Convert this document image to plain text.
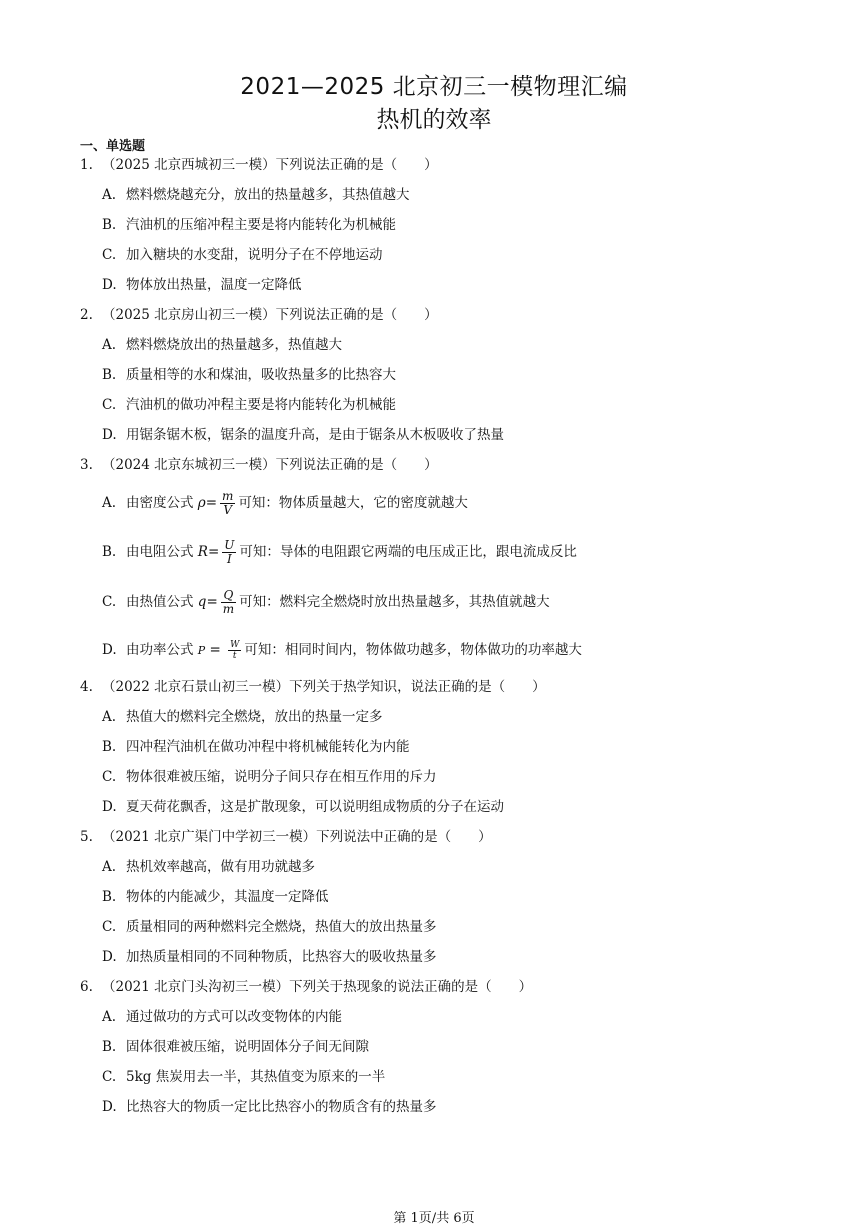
2021—2025 北京初三一模物理汇编
热机的效率
一、单选题
1. （2025 北京西城初三一模）下列说法正确的是（　　）
A. 燃料燃烧越充分，放出的热量越多，其热值越大
B. 汽油机的压缩冲程主要是将内能转化为机械能
C. 加入糖块的水变甜，说明分子在不停地运动
D. 物体放出热量，温度一定降低
2. （2025 北京房山初三一模）下列说法正确的是（　　）
A. 燃料燃烧放出的热量越多，热值越大
B. 质量相等的水和煤油，吸收热量多的比热容大
C. 汽油机的做功冲程主要是将内能转化为机械能
D. 用锯条锯木板，锯条的温度升高，是由于锯条从木板吸收了热量
3. （2024 北京东城初三一模）下列说法正确的是（　　）
A. 由密度公式 $\rho= \frac{m}{V}$ 可知：物体质量越大，它的密度就越大
B. 由电阻公式 $R= \frac{U}{I}$ 可知：导体的电阻跟它两端的电压成正比，跟电流成反比
C. 由热值公式 $q= \frac{Q}{m}$ 可知：燃料完全燃烧时放出热量越多，其热值就越大
D. 由功率公式 $P = \frac{W}{t}$ 可知：相同时间内，物体做功越多，物体做功的功率越大
4. （2022 北京石景山初三一模）下列关于热学知识，说法正确的是（　　）
A. 热值大的燃料完全燃烧，放出的热量一定多
B. 四冲程汽油机在做功冲程中将机械能转化为内能
C. 物体很难被压缩，说明分子间只存在相互作用的斥力
D. 夏天荷花飘香，这是扩散现象，可以说明组成物质的分子在运动
5. （2021 北京广渠门中学初三一模）下列说法中正确的是（　　）
A. 热机效率越高，做有用功就越多
B. 物体的内能减少，其温度一定降低
C. 质量相同的两种燃料完全燃烧，热值大的放出热量多
D. 加热质量相同的不同种物质，比热容大的吸收热量多
6. （2021 北京门头沟初三一模）下列关于热现象的说法正确的是（　　）
A. 通过做功的方式可以改变物体的内能
B. 固体很难被压缩，说明固体分子间无间隙
C. 5kg 焦炭用去一半，其热值变为原来的一半
D. 比热容大的物质一定比比热容小的物质含有的热量多
第 1页/共 6页
